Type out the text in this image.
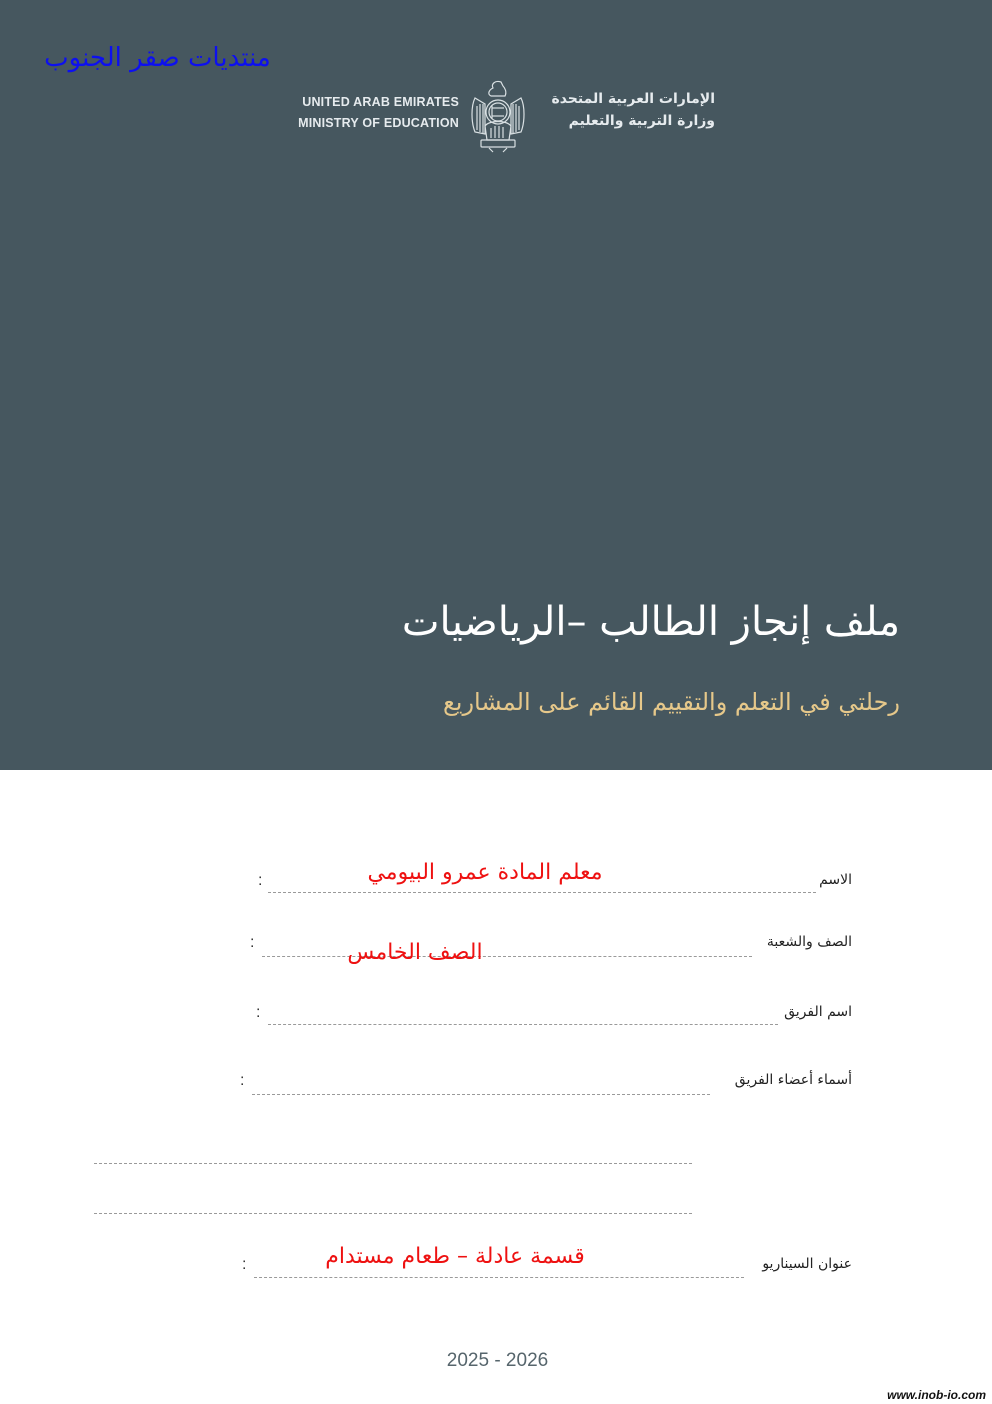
منتديات صقر الجنوب
UNITED ARAB EMIRATES
MINISTRY OF EDUCATION
الإمارات العربية المتحدة
وزارة التربية والتعليم
ملف إنجاز الطالب –الرياضيات
رحلتي في التعلم والتقييم القائم على المشاريع
الاسم
:	معلم المادة عمرو البيومي
الصف والشعبة
:	الصف الخامس
اسم الفريق
:
أسماء أعضاء الفريق
:
عنوان السيناريو
:	قسمة عادلة – طعام مستدام
2025 - 2026
www.inob-io.com
